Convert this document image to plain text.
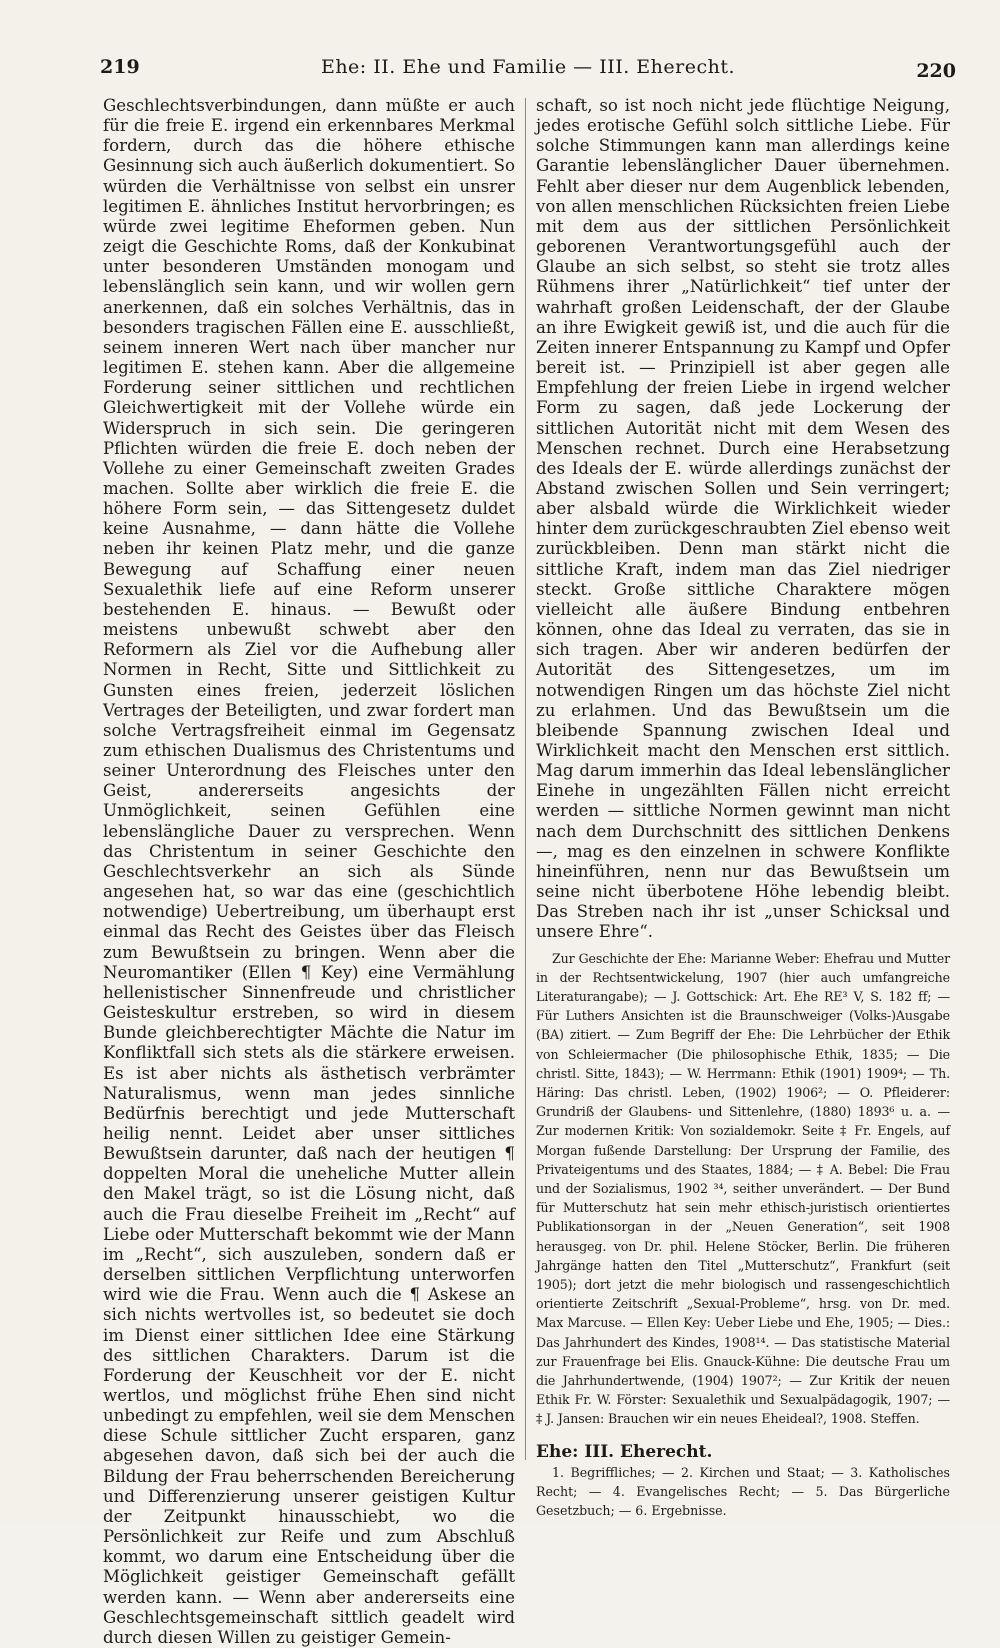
219	Ehe: II. Ehe und Familie — III. Eherecht.	220

Geschlechtsverbindungen, dann müßte er auch für die freie E. irgend ein erkennbares Merkmal fordern, durch das die höhere ethische Gesinnung sich auch äußerlich dokumentiert. So würden die Verhältnisse von selbst ein unsrer legitimen E. ähnliches Institut hervorbringen; es würde zwei legitime Eheformen geben. Nun zeigt die Geschichte Roms, daß der Konkubinat unter besonderen Umständen monogam und lebenslänglich sein kann, und wir wollen gern anerkennen, daß ein solches Verhältnis, das in besonders tragischen Fällen eine E. ausschließt, seinem inneren Wert nach über mancher nur legitimen E. stehen kann. Aber die allgemeine Forderung seiner sittlichen und rechtlichen Gleichwertigkeit mit der Vollehe würde ein Widerspruch in sich sein. Die geringeren Pflichten würden die freie E. doch neben der Vollehe zu einer Gemeinschaft zweiten Grades machen. Sollte aber wirklich die freie E. die höhere Form sein, — das Sittengesetz duldet keine Ausnahme, — dann hätte die Vollehe neben ihr keinen Platz mehr, und die ganze Bewegung auf Schaffung einer neuen Sexualethik liefe auf eine Reform unserer bestehenden E. hinaus. — Bewußt oder meistens unbewußt schwebt aber den Reformern als Ziel vor die Aufhebung aller Normen in Recht, Sitte und Sittlichkeit zu Gunsten eines freien, jederzeit löslichen Vertrages der Beteiligten, und zwar fordert man solche Vertragsfreiheit einmal im Gegensatz zum ethischen Dualismus des Christentums und seiner Unterordnung des Fleisches unter den Geist, andererseits angesichts der Unmöglichkeit, seinen Gefühlen eine lebenslängliche Dauer zu versprechen. Wenn das Christentum in seiner Geschichte den Geschlechtsverkehr an sich als Sünde angesehen hat, so war das eine (geschichtlich notwendige) Uebertreibung, um überhaupt erst einmal das Recht des Geistes über das Fleisch zum Bewußtsein zu bringen. Wenn aber die Neuromantiker (Ellen ¶ Key) eine Vermählung hellenistischer Sinnenfreude und christlicher Geisteskultur erstreben, so wird in diesem Bunde gleichberechtigter Mächte die Natur im Konfliktfall sich stets als die stärkere erweisen. Es ist aber nichts als ästhetisch verbrämter Naturalismus, wenn man jedes sinnliche Bedürfnis berechtigt und jede Mutterschaft heilig nennt. Leidet aber unser sittliches Bewußtsein darunter, daß nach der heutigen ¶ doppelten Moral die uneheliche Mutter allein den Makel trägt, so ist die Lösung nicht, daß auch die Frau dieselbe Freiheit im „Recht“ auf Liebe oder Mutterschaft bekommt wie der Mann im „Recht“, sich auszuleben, sondern daß er derselben sittlichen Verpflichtung unterworfen wird wie die Frau. Wenn auch die ¶ Askese an sich nichts wertvolles ist, so bedeutet sie doch im Dienst einer sittlichen Idee eine Stärkung des sittlichen Charakters. Darum ist die Forderung der Keuschheit vor der E. nicht wertlos, und möglichst frühe Ehen sind nicht unbedingt zu empfehlen, weil sie dem Menschen diese Schule sittlicher Zucht ersparen, ganz abgesehen davon, daß sich bei der auch die Bildung der Frau beherrschenden Bereicherung und Differenzierung unserer geistigen Kultur der Zeitpunkt hinausschiebt, wo die Persönlichkeit zur Reife und zum Abschluß kommt, wo darum eine Entscheidung über die Möglichkeit geistiger Gemeinschaft gefällt werden kann. — Wenn aber andererseits eine Geschlechtsgemeinschaft sittlich geadelt wird durch diesen Willen zu geistiger Gemein-

schaft, so ist noch nicht jede flüchtige Neigung, jedes erotische Gefühl solch sittliche Liebe. Für solche Stimmungen kann man allerdings keine Garantie lebenslänglicher Dauer übernehmen. Fehlt aber dieser nur dem Augenblick lebenden, von allen menschlichen Rücksichten freien Liebe mit dem aus der sittlichen Persönlichkeit geborenen Verantwortungsgefühl auch der Glaube an sich selbst, so steht sie trotz alles Rühmens ihrer „Natürlichkeit“ tief unter der wahrhaft großen Leidenschaft, der der Glaube an ihre Ewigkeit gewiß ist, und die auch für die Zeiten innerer Entspannung zu Kampf und Opfer bereit ist. — Prinzipiell ist aber gegen alle Empfehlung der freien Liebe in irgend welcher Form zu sagen, daß jede Lockerung der sittlichen Autorität nicht mit dem Wesen des Menschen rechnet. Durch eine Herabsetzung des Ideals der E. würde allerdings zunächst der Abstand zwischen Sollen und Sein verringert; aber alsbald würde die Wirklichkeit wieder hinter dem zurückgeschraubten Ziel ebenso weit zurückbleiben. Denn man stärkt nicht die sittliche Kraft, indem man das Ziel niedriger steckt. Große sittliche Charaktere mögen vielleicht alle äußere Bindung entbehren können, ohne das Ideal zu verraten, das sie in sich tragen. Aber wir anderen bedürfen der Autorität des Sittengesetzes, um im notwendigen Ringen um das höchste Ziel nicht zu erlahmen. Und das Bewußtsein um die bleibende Spannung zwischen Ideal und Wirklichkeit macht den Menschen erst sittlich. Mag darum immerhin das Ideal lebenslänglicher Einehe in ungezählten Fällen nicht erreicht werden — sittliche Normen gewinnt man nicht nach dem Durchschnitt des sittlichen Denkens —, mag es den einzelnen in schwere Konflikte hineinführen, nenn nur das Bewußtsein um seine nicht überbotene Höhe lebendig bleibt. Das Streben nach ihr ist „unser Schicksal und unsere Ehre“.

Zur Geschichte der Ehe: Marianne Weber: Ehefrau und Mutter in der Rechtsentwickelung, 1907 (hier auch umfangreiche Literaturangabe); — J. Gottschick: Art. Ehe RE³ V, S. 182 ff; — Für Luthers Ansichten ist die Braunschweiger (Volks-)Ausgabe (BA) zitiert. — Zum Begriff der Ehe: Die Lehrbücher der Ethik von Schleiermacher (Die philosophische Ethik, 1835; — Die christl. Sitte, 1843); — W. Herrmann: Ethik (1901) 1909⁴; — Th. Häring: Das christl. Leben, (1902) 1906²; — O. Pfleiderer: Grundriß der Glaubens- und Sittenlehre, (1880) 1893⁶ u. a. — Zur modernen Kritik: Von sozialdemokr. Seite ‡ Fr. Engels, auf Morgan fußende Darstellung: Der Ursprung der Familie, des Privateigentums und des Staates, 1884; — ‡ A. Bebel: Die Frau und der Sozialismus, 1902 ³⁴, seither unverändert. — Der Bund für Mutterschutz hat sein mehr ethisch-juristisch orientiertes Publikationsorgan in der „Neuen Generation“, seit 1908 herausgeg. von Dr. phil. Helene Stöcker, Berlin. Die früheren Jahrgänge hatten den Titel „Mutterschutz“, Frankfurt (seit 1905); dort jetzt die mehr biologisch und rassengeschichtlich orientierte Zeitschrift „Sexual-Probleme“, hrsg. von Dr. med. Max Marcuse. — Ellen Key: Ueber Liebe und Ehe, 1905; — Dies.: Das Jahrhundert des Kindes, 1908¹⁴. — Das statistische Material zur Frauenfrage bei Elis. Gnauck-Kühne: Die deutsche Frau um die Jahrhundertwende, (1904) 1907²; — Zur Kritik der neuen Ethik Fr. W. Förster: Sexualethik und Sexualpädagogik, 1907; — ‡ J. Jansen: Brauchen wir ein neues Eheideal?, 1908. Steffen.

Ehe: III. Eherecht.

1. Begriffliches; — 2. Kirchen und Staat; — 3. Katholisches Recht; — 4. Evangelisches Recht; — 5. Das Bürgerliche Gesetzbuch; — 6. Ergebnisse.
